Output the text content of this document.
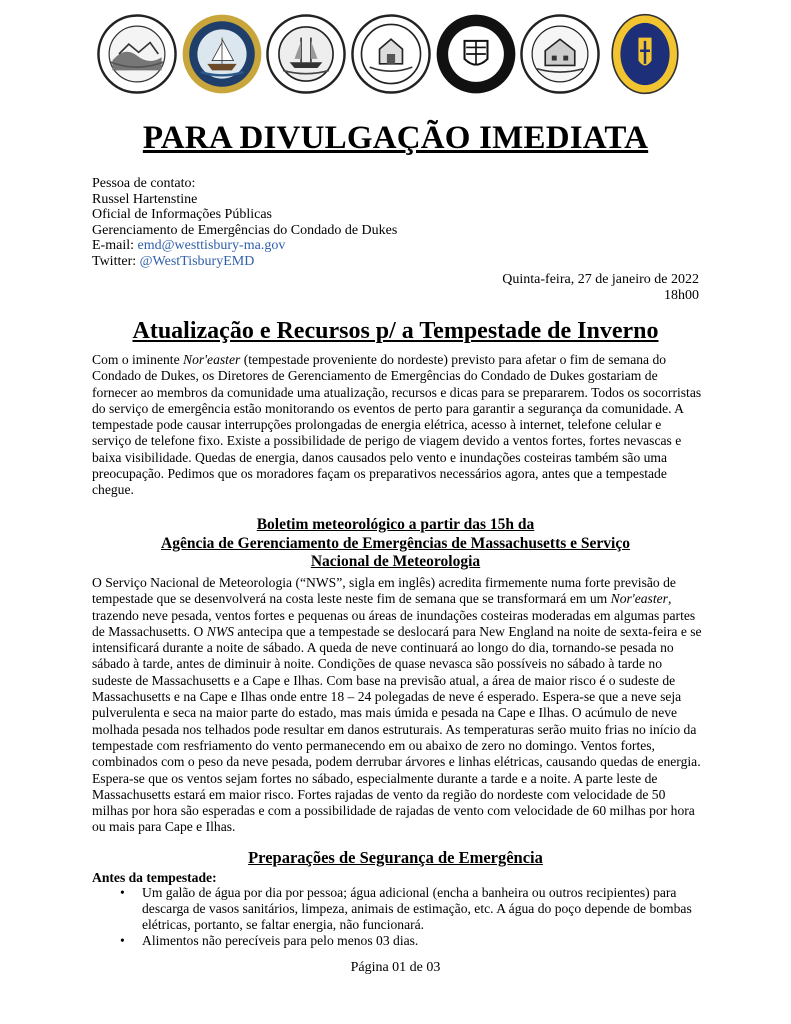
PARA DIVULGAÇÃO IMEDIATA
Pessoa de contato:
Russel Hartenstine
Oficial de Informações Públicas
Gerenciamento de Emergências do Condado de Dukes
E-mail: emd@westtisbury-ma.gov
Twitter: @WestTisburyEMD
Quinta-feira, 27 de janeiro de 2022
18h00
Atualização e Recursos p/ a Tempestade de Inverno
Com o iminente Nor'easter (tempestade proveniente do nordeste) previsto para afetar o fim de semana do Condado de Dukes, os Diretores de Gerenciamento de Emergências do Condado de Dukes gostariam de fornecer ao membros da comunidade uma atualização, recursos e dicas para se prepararem. Todos os socorristas do serviço de emergência estão monitorando os eventos de perto para garantir a segurança da comunidade. A tempestade pode causar interrupções prolongadas de energia elétrica, acesso à internet, telefone celular e serviço de telefone fixo. Existe a possibilidade de perigo de viagem devido a ventos fortes, fortes nevascas e baixa visibilidade. Quedas de energia, danos causados pelo vento e inundações costeiras também são uma preocupação. Pedimos que os moradores façam os preparativos necessários agora, antes que a tempestade chegue.
Boletim meteorológico a partir das 15h da
Agência de Gerenciamento de Emergências de Massachusetts e Serviço
Nacional de Meteorologia
O Serviço Nacional de Meteorologia (“NWS”, sigla em inglês) acredita firmemente numa forte previsão de tempestade que se desenvolverá na costa leste neste fim de semana que se transformará em um Nor'easter, trazendo neve pesada, ventos fortes e pequenas ou áreas de inundações costeiras moderadas em algumas partes de Massachusetts. O NWS antecipa que a tempestade se deslocará para New England na noite de sexta-feira e se intensificará durante a noite de sábado. A queda de neve continuará ao longo do dia, tornando-se pesada no sábado à tarde, antes de diminuir à noite. Condições de quase nevasca são possíveis no sábado à tarde no sudeste de Massachusetts e a Cape e Ilhas. Com base na previsão atual, a área de maior risco é o sudeste de Massachusetts e na Cape e Ilhas onde entre 18 – 24 polegadas de neve é esperado. Espera-se que a neve seja pulverulenta e seca na maior parte do estado, mas mais úmida e pesada na Cape e Ilhas. O acúmulo de neve molhada pesada nos telhados pode resultar em danos estruturais. As temperaturas serão muito frias no início da tempestade com resfriamento do vento permanecendo em ou abaixo de zero no domingo. Ventos fortes, combinados com o peso da neve pesada, podem derrubar árvores e linhas elétricas, causando quedas de energia. Espera-se que os ventos sejam fortes no sábado, especialmente durante a tarde e a noite. A parte leste de Massachusetts estará em maior risco. Fortes rajadas de vento da região do nordeste com velocidade de 50 milhas por hora são esperadas e com a possibilidade de rajadas de vento com velocidade de 60 milhas por hora ou mais para Cape e Ilhas.
Preparações de Segurança de Emergência
Antes da tempestade:
• Um galão de água por dia por pessoa; água adicional (encha a banheira ou outros recipientes) para descarga de vasos sanitários, limpeza, animais de estimação, etc. A água do poço depende de bombas elétricas, portanto, se faltar energia, não funcionará.
• Alimentos não perecíveis para pelo menos 03 dias.
Página 01 de 03
